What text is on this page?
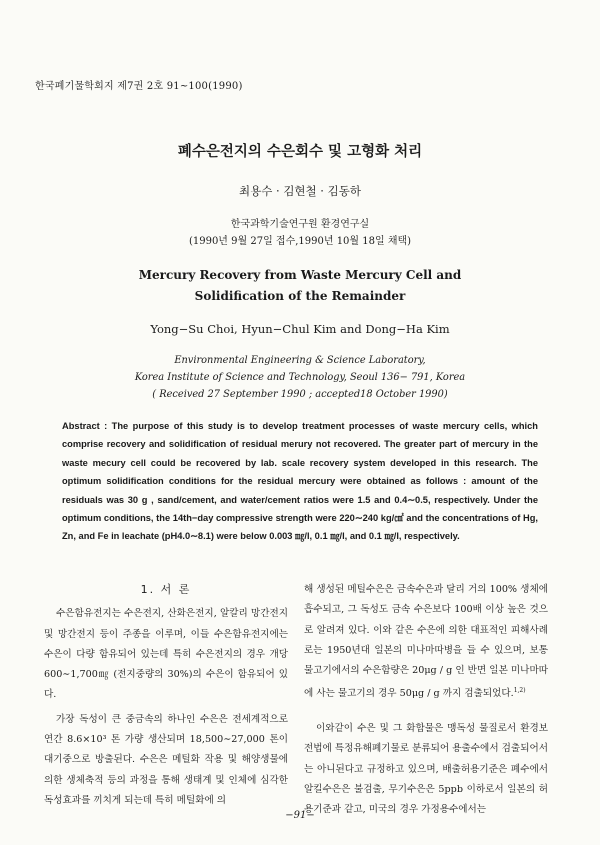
한국폐기물학회지 제7권 2호 91~100(1990)
폐수은전지의 수은회수 및 고형화 처리
최용수 · 김현철 · 김동하
한국과학기술연구원 환경연구실
(1990년 9월 27일 접수,1990년 10월 18일 채택)
Mercury Recovery from Waste Mercury Cell and
Solidification of the Remainder
Yong−Su Choi, Hyun−Chul Kim and Dong−Ha Kim
Environmental Engineering & Science Laboratory,
Korea Institute of Science and Technology, Seoul 136− 791, Korea
( Received 27 September 1990 ; accepted18 October 1990)
Abstract : The purpose of this study is to develop treatment processes of waste mercury cells, which comprise recovery and solidification of residual merury not recovered. The greater part of mercury in the waste mecury cell could be recovered by lab. scale recovery system developed in this research. The optimum solidification conditions for the residual mercury were obtained as follows : amount of the residuals was 30 g , sand/cement, and water/cement ratios were 1.5 and 0.4∼0.5, respectively. Under the optimum conditions, the 14th−day compressive strength were 220∼240 kg/㎠ and the concentrations of Hg, Zn, and Fe in leachate (pH4.0∼8.1) were below 0.003 ㎎/l, 0.1 ㎎/l, and 0.1 ㎎/l, respectively.

1. 서 론

수은함유전지는 수은전지, 산화은전지, 알칼리 망간전지 및 망간전지 등이 주종을 이루며, 이들 수은함유전지에는 수은이 다량 함유되어 있는데 특히 수은전지의 경우 개당 600∼1,700㎎ (전지중량의 30%)의 수은이 함유되어 있다.

가장 독성이 큰 중금속의 하나인 수은은 전세계적으로 연간 8.6×10³ 톤 가량 생산되며 18,500∼27,000 톤이 대기중으로 방출된다. 수은은 메틸화 작용 및 해양생물에 의한 생체축적 등의 과정을 통해 생태계 및 인체에 심각한 독성효과를 끼치게 되는데 특히 메틸화에 의

해 생성된 메틸수은은 금속수은과 달리 거의 100% 생체에 흡수되고, 그 독성도 금속 수은보다 100배 이상 높은 것으로 알려져 있다. 이와 같은 수은에 의한 대표적인 피해사례로는 1950년대 일본의 미나마따병을 들 수 있으며, 보통 물고기에서의 수은함량은 20μg / g 인 반면 일본 미나마따에 사는 물고기의 경우 50μg / g 까지 검출되었다.$^{1,2)}$

이와같이 수은 및 그 화합물은 맹독성 물질로서 환경보전법에 특정유해폐기물로 분류되어 용출수에서 검출되어서는 아니된다고 규정하고 있으며, 배출허용기준은 폐수에서 알킬수은은 불검출, 무기수은은 5ppb 이하로서 일본의 허용기준과 같고, 미국의 경우 가정용수에서는

−91−
